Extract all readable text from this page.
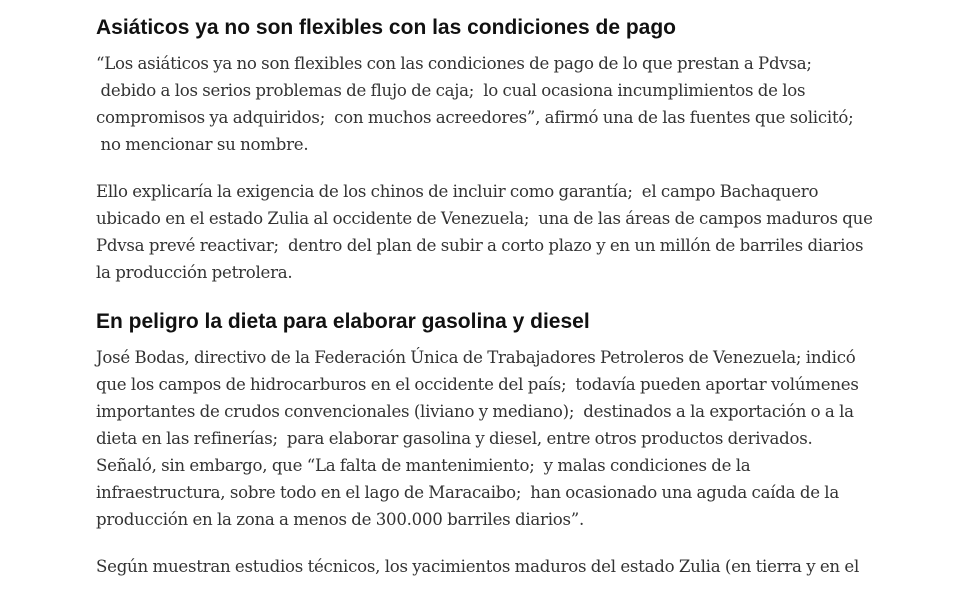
Asiáticos ya no son flexibles con las condiciones de pago

“Los asiáticos ya no son flexibles con las condiciones de pago de lo que prestan a Pdvsa;
debido a los serios problemas de flujo de caja;  lo cual ocasiona incumplimientos de los
compromisos ya adquiridos;  con muchos acreedores”, afirmó una de las fuentes que solicitó;
no mencionar su nombre.

Ello explicaría la exigencia de los chinos de incluir como garantía;  el campo Bachaquero
ubicado en el estado Zulia al occidente de Venezuela;  una de las áreas de campos maduros que
Pdvsa prevé reactivar;  dentro del plan de subir a corto plazo y en un millón de barriles diarios
la producción petrolera.

En peligro la dieta para elaborar gasolina y diesel

José Bodas, directivo de la Federación Única de Trabajadores Petroleros de Venezuela; indicó
que los campos de hidrocarburos en el occidente del país;  todavía pueden aportar volúmenes
importantes de crudos convencionales (liviano y mediano);  destinados a la exportación o a la
dieta en las refinerías;  para elaborar gasolina y diesel, entre otros productos derivados.
Señaló, sin embargo, que “La falta de mantenimiento;  y malas condiciones de la
infraestructura, sobre todo en el lago de Maracaibo;  han ocasionado una aguda caída de la
producción en la zona a menos de 300.000 barriles diarios”.

Según muestran estudios técnicos, los yacimientos maduros del estado Zulia (en tierra y en el
